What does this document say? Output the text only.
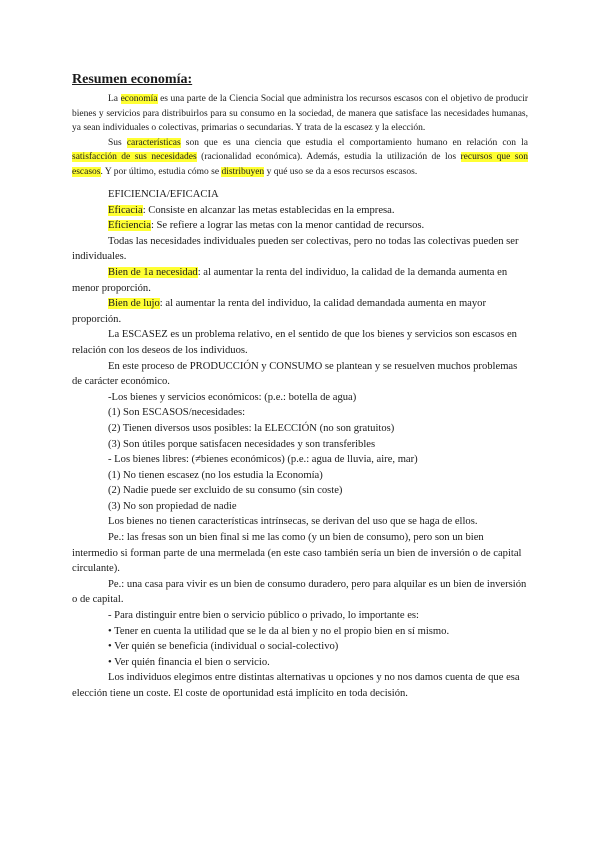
Resumen economía:

La economía es una parte de la Ciencia Social que administra los recursos escasos con el objetivo de producir bienes y servicios para distribuirlos para su consumo en la sociedad, de manera que satisface las necesidades humanas, ya sean individuales o colectivas, primarias o secundarias. Y trata de la escasez y la elección.

Sus características son que es una ciencia que estudia el comportamiento humano en relación con la satisfacción de sus necesidades (racionalidad económica). Además, estudia la utilización de los recursos que son escasos. Y por último, estudia cómo se distribuyen y qué uso se da a esos recursos escasos.

EFICIENCIA/EFICACIA

Eficacia: Consiste en alcanzar las metas establecidas en la empresa.

Eficiencia: Se refiere a lograr las metas con la menor cantidad de recursos.

Todas las necesidades individuales pueden ser colectivas, pero no todas las colectivas pueden ser individuales.

Bien de 1a necesidad: al aumentar la renta del individuo, la calidad de la demanda aumenta en menor proporción.

Bien de lujo: al aumentar la renta del individuo, la calidad demandada aumenta en mayor proporción.

La ESCASEZ es un problema relativo, en el sentido de que los bienes y servicios son escasos en relación con los deseos de los individuos.

En este proceso de PRODUCCIÓN y CONSUMO se plantean y se resuelven muchos problemas de carácter económico.

-Los bienes y servicios económicos: (p.e.: botella de agua)

(1) Son ESCASOS/necesidades:

(2) Tienen diversos usos posibles: la ELECCIÓN (no son gratuitos)

(3) Son útiles porque satisfacen necesidades y son transferibles

- Los bienes libres: (≠bienes económicos) (p.e.: agua de lluvia, aire, mar)

(1) No tienen escasez (no los estudia la Economía)

(2) Nadie puede ser excluido de su consumo (sin coste)

(3) No son propiedad de nadie

Los bienes no tienen características intrínsecas, se derivan del uso que se haga de ellos.

Pe.: las fresas son un bien final si me las como (y un bien de consumo), pero son un bien intermedio si forman parte de una mermelada (en este caso también sería un bien de inversión o de capital circulante).

Pe.: una casa para vivir es un bien de consumo duradero, pero para alquilar es un bien de inversión o de capital.

- Para distinguir entre bien o servicio público o privado, lo importante es:

• Tener en cuenta la utilidad que se le da al bien y no el propio bien en sí mismo.

• Ver quién se beneficia (individual o social-colectivo)

• Ver quién financia el bien o servicio.

Los individuos elegimos entre distintas alternativas u opciones y no nos damos cuenta de que esa elección tiene un coste. El coste de oportunidad está implícito en toda decisión.
